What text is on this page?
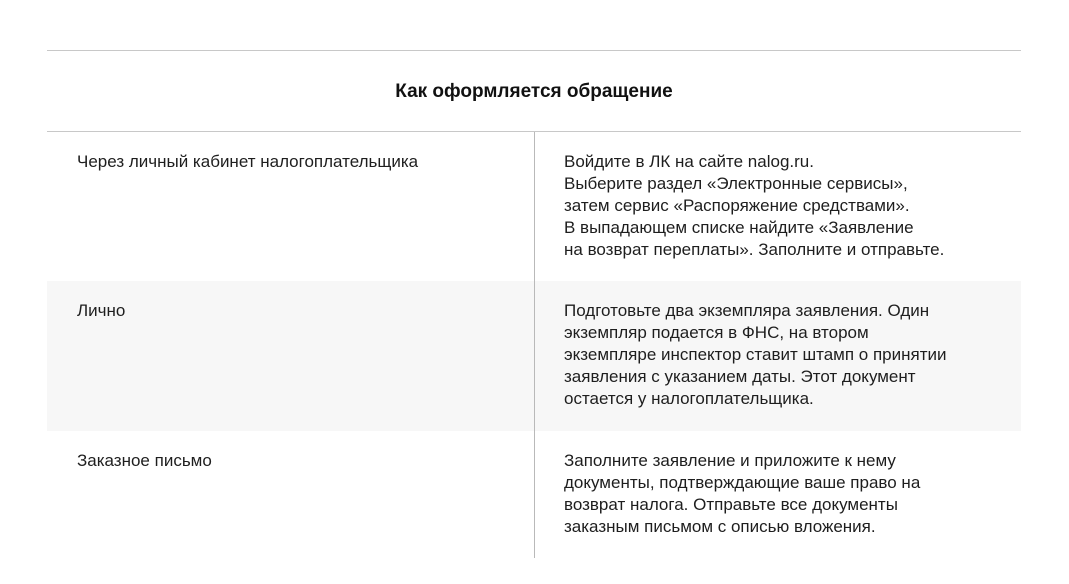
Как оформляется обращение
Через личный кабинет налогоплательщика	Войдите в ЛК на сайте nalog.ru.
Выберите раздел «Электронные сервисы»,
затем сервис «Распоряжение средствами».
В выпадающем списке найдите «Заявление
на возврат переплаты». Заполните и отправьте.
Лично	Подготовьте два экземпляра заявления. Один
экземпляр подается в ФНС, на втором
экземпляре инспектор ставит штамп о принятии
заявления с указанием даты. Этот документ
остается у налогоплательщика.
Заказное письмо	Заполните заявление и приложите к нему
документы, подтверждающие ваше право на
возврат налога. Отправьте все документы
заказным письмом с описью вложения.
